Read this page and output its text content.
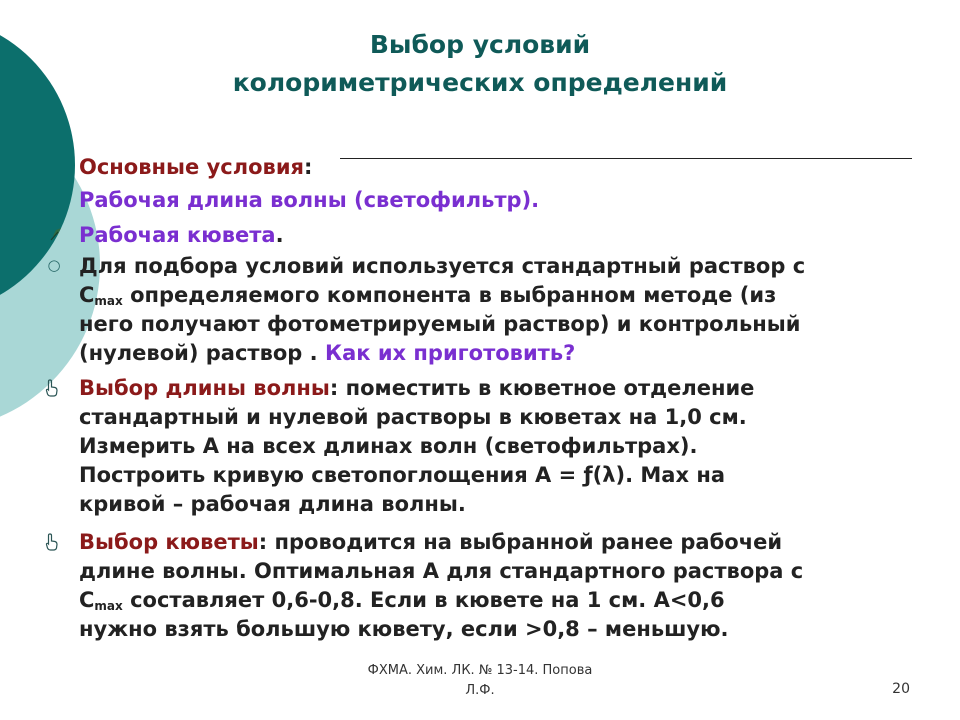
Выбор условий
колориметрических определений
Основные условия:
Рабочая длина волны (светофильтр).
Рабочая кювета.
○ Для подбора условий используется стандартный раствор с
$С_{max}$ определяемого компонента в выбранном методе (из
него получают фотометрируемый раствор) и контрольный
(нулевой) раствор . Как их приготовить?
Выбор длины волны: поместить в кюветное отделение
стандартный и нулевой растворы в кюветах на 1,0 см.
Измерить А на всех длинах волн (светофильтрах).
Построить кривую светопоглощения А = ƒ(λ). Max на
кривой – рабочая длина волны.
Выбор кюветы: проводится на выбранной ранее рабочей
длине волны. Оптимальная А для стандартного раствора с
$С_{max}$ составляет 0,6-0,8. Если в кювете на 1 см. А<0,6
нужно взять большую кювету, если >0,8 – меньшую.
ФХМА. Хим. ЛК. № 13-14. Попова
Л.Ф.	20
